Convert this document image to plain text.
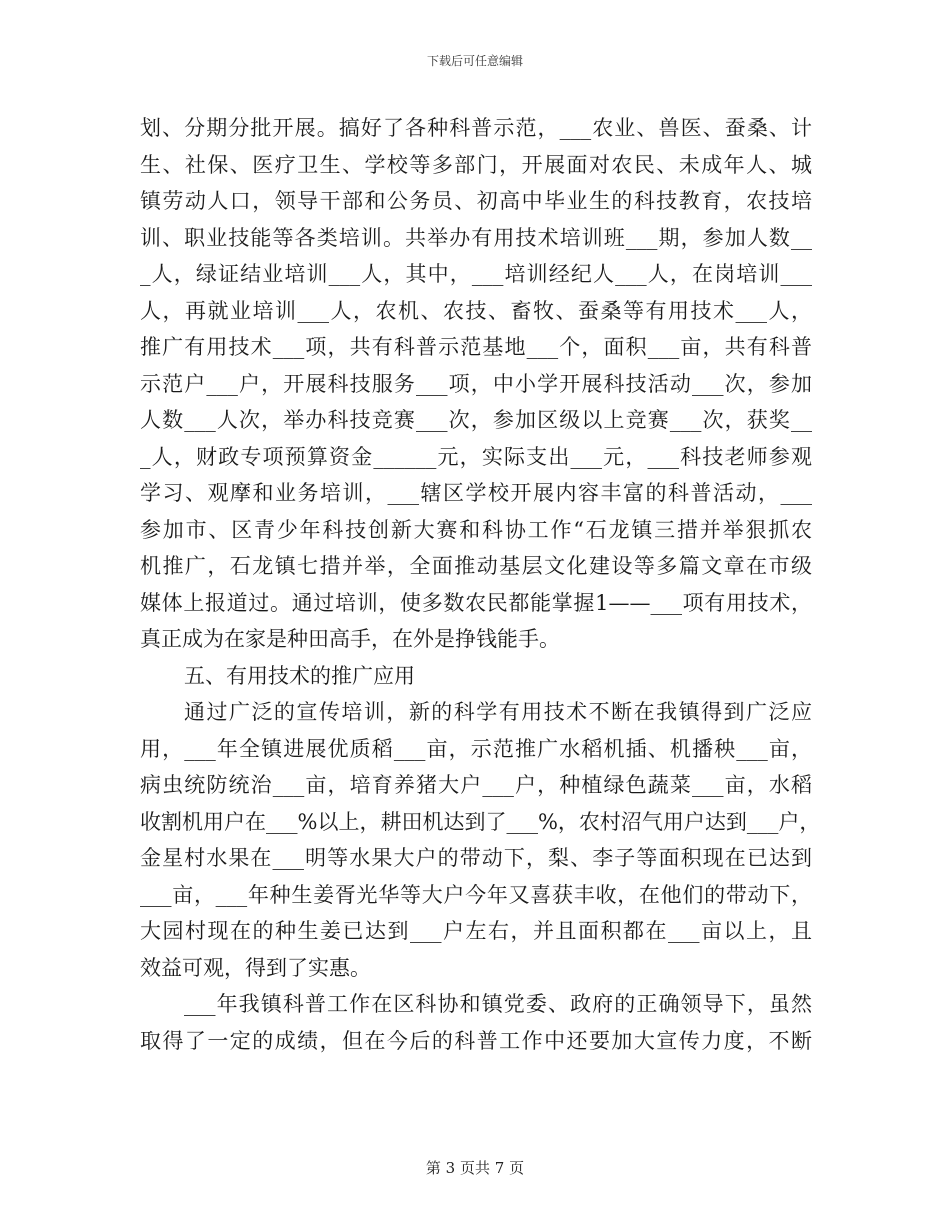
下载后可任意编辑
划、分期分批开展。搞好了各种科普示范，___农业、兽医、蚕桑、计
生、社保、医疗卫生、学校等多部门，开展面对农民、未成年人、城
镇劳动人口，领导干部和公务员、初高中毕业生的科技教育，农技培
训、职业技能等各类培训。共举办有用技术培训班___期，参加人数__
_人，绿证结业培训___人，其中，___培训经纪人___人，在岗培训___
人，再就业培训___人，农机、农技、畜牧、蚕桑等有用技术___人，
推广有用技术___项，共有科普示范基地___个，面积___亩，共有科普
示范户___户，开展科技服务___项，中小学开展科技活动___次，参加
人数___人次，举办科技竞赛___次，参加区级以上竞赛___次，获奖__
_人，财政专项预算资金______元，实际支出___元，___科技老师参观
学习、观摩和业务培训，___辖区学校开展内容丰富的科普活动，___
参加市、区青少年科技创新大赛和科协工作“石龙镇三措并举狠抓农
机推广，石龙镇七措并举，全面推动基层文化建设等多篇文章在市级
媒体上报道过。通过培训，使多数农民都能掌握1——___项有用技术，
真正成为在家是种田高手，在外是挣钱能手。
五、有用技术的推广应用
通过广泛的宣传培训，新的科学有用技术不断在我镇得到广泛应
用，___年全镇进展优质稻___亩，示范推广水稻机插、机播秧___亩，
病虫统防统治___亩，培育养猪大户___户，种植绿色蔬菜___亩，水稻
收割机用户在___%以上，耕田机达到了___%，农村沼气用户达到___户，
金星村水果在___明等水果大户的带动下，梨、李子等面积现在已达到
___亩，___年种生姜胥光华等大户今年又喜获丰收，在他们的带动下，
大园村现在的种生姜已达到___户左右，并且面积都在___亩以上，且
效益可观，得到了实惠。
___年我镇科普工作在区科协和镇党委、政府的正确领导下，虽然
取得了一定的成绩，但在今后的科普工作中还要加大宣传力度，不断
第 3 页共 7 页
